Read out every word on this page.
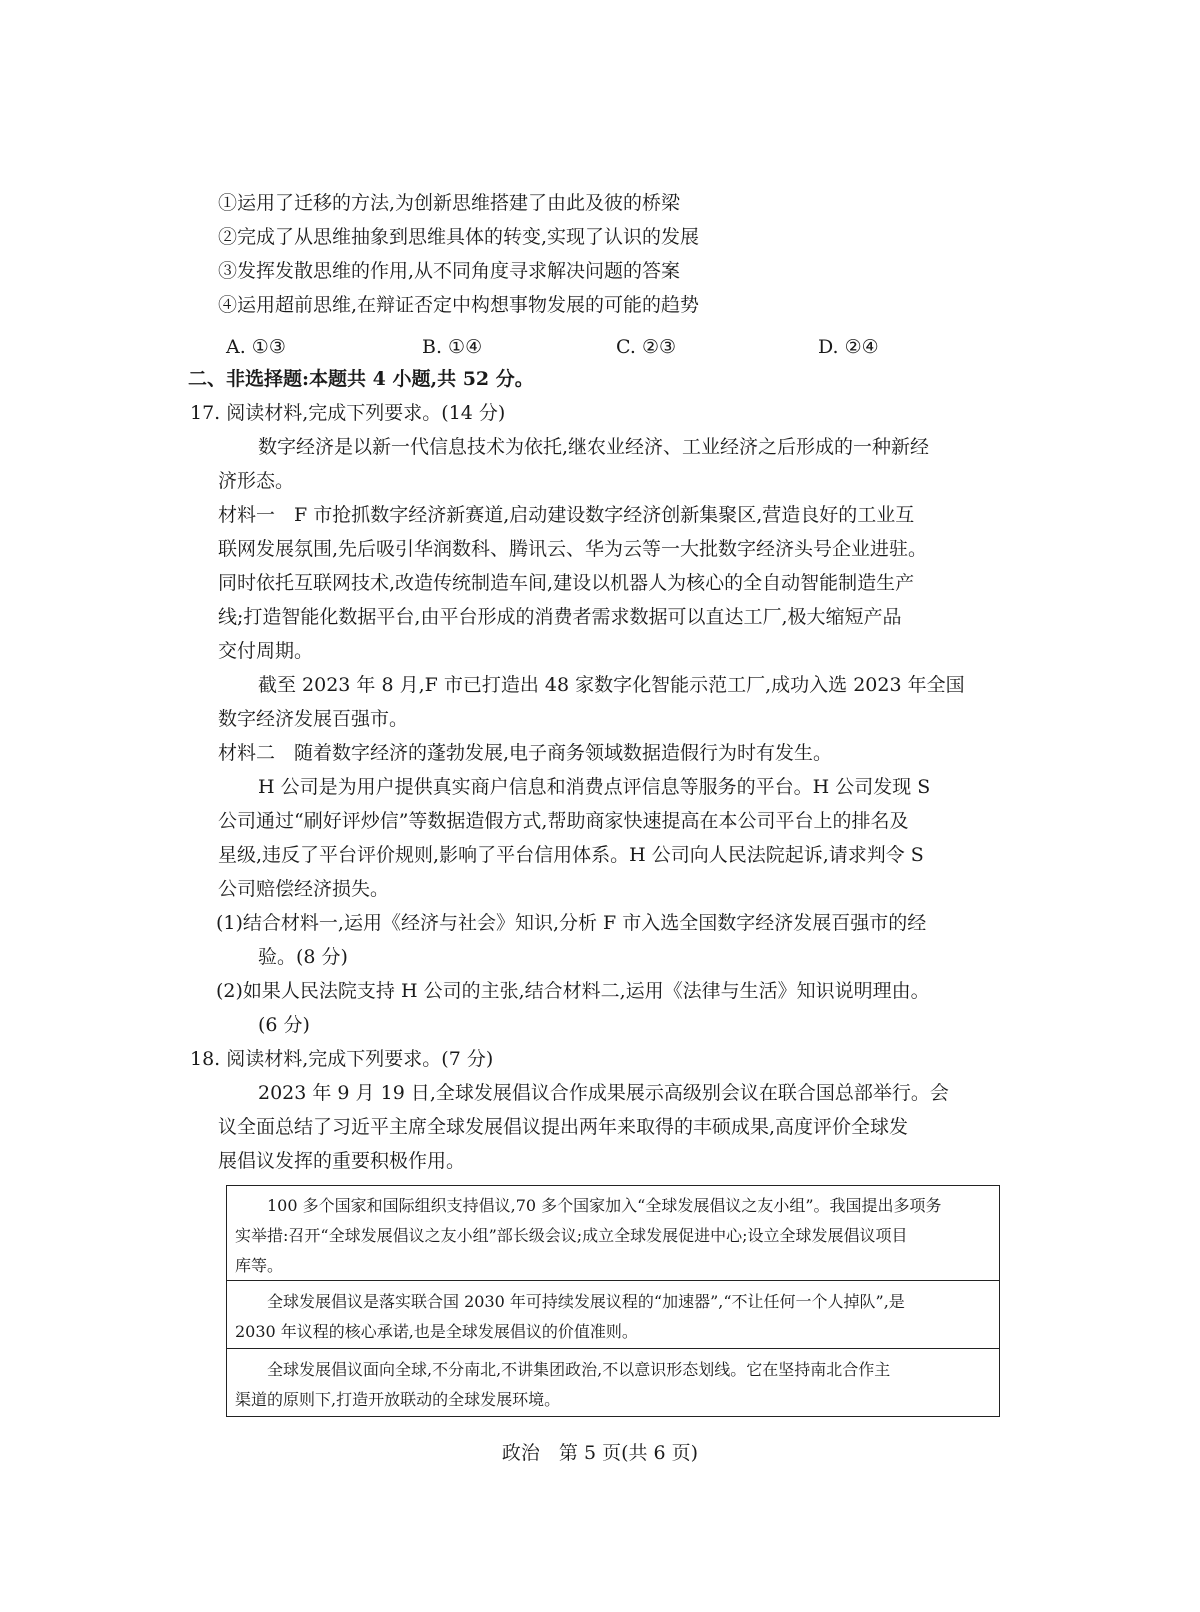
①运用了迁移的方法,为创新思维搭建了由此及彼的桥梁
②完成了从思维抽象到思维具体的转变,实现了认识的发展
③发挥发散思维的作用,从不同角度寻求解决问题的答案
④运用超前思维,在辩证否定中构想事物发展的可能的趋势
A. ①③	B. ①④	C. ②③	D. ②④
二、非选择题:本题共 4 小题,共 52 分。
17. 阅读材料,完成下列要求。(14 分)
数字经济是以新一代信息技术为依托,继农业经济、工业经济之后形成的一种新经
济形态。
材料一　F 市抢抓数字经济新赛道,启动建设数字经济创新集聚区,营造良好的工业互
联网发展氛围,先后吸引华润数科、腾讯云、华为云等一大批数字经济头号企业进驻。
同时依托互联网技术,改造传统制造车间,建设以机器人为核心的全自动智能制造生产
线;打造智能化数据平台,由平台形成的消费者需求数据可以直达工厂,极大缩短产品
交付周期。
截至 2023 年 8 月,F 市已打造出 48 家数字化智能示范工厂,成功入选 2023 年全国
数字经济发展百强市。
材料二　随着数字经济的蓬勃发展,电子商务领域数据造假行为时有发生。
H 公司是为用户提供真实商户信息和消费点评信息等服务的平台。H 公司发现 S
公司通过“刷好评炒信”等数据造假方式,帮助商家快速提高在本公司平台上的排名及
星级,违反了平台评价规则,影响了平台信用体系。H 公司向人民法院起诉,请求判令 S
公司赔偿经济损失。
(1)结合材料一,运用《经济与社会》知识,分析 F 市入选全国数字经济发展百强市的经
验。(8 分)
(2)如果人民法院支持 H 公司的主张,结合材料二,运用《法律与生活》知识说明理由。
(6 分)
18. 阅读材料,完成下列要求。(7 分)
2023 年 9 月 19 日,全球发展倡议合作成果展示高级别会议在联合国总部举行。会
议全面总结了习近平主席全球发展倡议提出两年来取得的丰硕成果,高度评价全球发
展倡议发挥的重要积极作用。
100 多个国家和国际组织支持倡议,70 多个国家加入“全球发展倡议之友小组”。我国提出多项务
实举措:召开“全球发展倡议之友小组”部长级会议;成立全球发展促进中心;设立全球发展倡议项目
库等。
全球发展倡议是落实联合国 2030 年可持续发展议程的“加速器”,“不让任何一个人掉队”,是
2030 年议程的核心承诺,也是全球发展倡议的价值准则。
全球发展倡议面向全球,不分南北,不讲集团政治,不以意识形态划线。它在坚持南北合作主
渠道的原则下,打造开放联动的全球发展环境。
政治　第 5 页(共 6 页)
